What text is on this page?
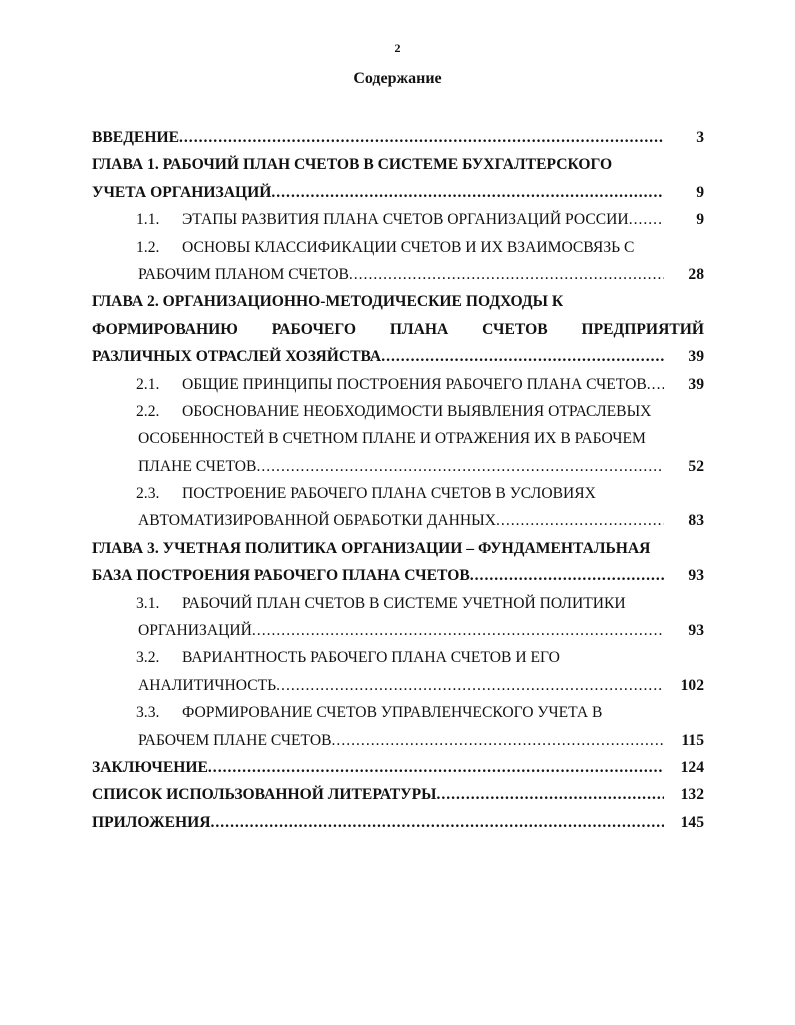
2
Содержание
ВВЕДЕНИЕ .....	3
ГЛАВА 1. РАБОЧИЙ ПЛАН СЧЕТОВ В СИСТЕМЕ БУХГАЛТЕРСКОГО
УЧЕТА ОРГАНИЗАЦИЙ .....	9
1.1. ЭТАПЫ РАЗВИТИЯ ПЛАНА СЧЕТОВ ОРГАНИЗАЦИЙ РОССИИ .....	9
1.2. ОСНОВЫ КЛАССИФИКАЦИИ СЧЕТОВ И ИХ ВЗАИМОСВЯЗЬ С
РАБОЧИМ ПЛАНОМ СЧЕТОВ .....	28
ГЛАВА 2. ОРГАНИЗАЦИОННО-МЕТОДИЧЕСКИЕ ПОДХОДЫ К
ФОРМИРОВАНИЮ РАБОЧЕГО ПЛАНА СЧЕТОВ ПРЕДПРИЯТИЙ
РАЗЛИЧНЫХ ОТРАСЛЕЙ ХОЗЯЙСТВА .....	39
2.1. ОБЩИЕ ПРИНЦИПЫ ПОСТРОЕНИЯ РАБОЧЕГО ПЛАНА СЧЕТОВ .....	39
2.2. ОБОСНОВАНИЕ НЕОБХОДИМОСТИ ВЫЯВЛЕНИЯ ОТРАСЛЕВЫХ
ОСОБЕННОСТЕЙ В СЧЕТНОМ ПЛАНЕ И ОТРАЖЕНИЯ ИХ В РАБОЧЕМ
ПЛАНЕ СЧЕТОВ .....	52
2.3. ПОСТРОЕНИЕ РАБОЧЕГО ПЛАНА СЧЕТОВ В УСЛОВИЯХ
АВТОМАТИЗИРОВАННОЙ ОБРАБОТКИ ДАННЫХ .....	83
ГЛАВА 3. УЧЕТНАЯ ПОЛИТИКА ОРГАНИЗАЦИИ – ФУНДАМЕНТАЛЬНАЯ
БАЗА ПОСТРОЕНИЯ РАБОЧЕГО ПЛАНА СЧЕТОВ .....	93
3.1. РАБОЧИЙ ПЛАН СЧЕТОВ В СИСТЕМЕ УЧЕТНОЙ ПОЛИТИКИ
ОРГАНИЗАЦИЙ .....	93
3.2. ВАРИАНТНОСТЬ РАБОЧЕГО ПЛАНА СЧЕТОВ И ЕГО
АНАЛИТИЧНОСТЬ .....	102
3.3. ФОРМИРОВАНИЕ СЧЕТОВ УПРАВЛЕНЧЕСКОГО УЧЕТА В
РАБОЧЕМ ПЛАНЕ СЧЕТОВ .....	115
ЗАКЛЮЧЕНИЕ .....	124
СПИСОК ИСПОЛЬЗОВАННОЙ ЛИТЕРАТУРЫ .....	132
ПРИЛОЖЕНИЯ .....	145
